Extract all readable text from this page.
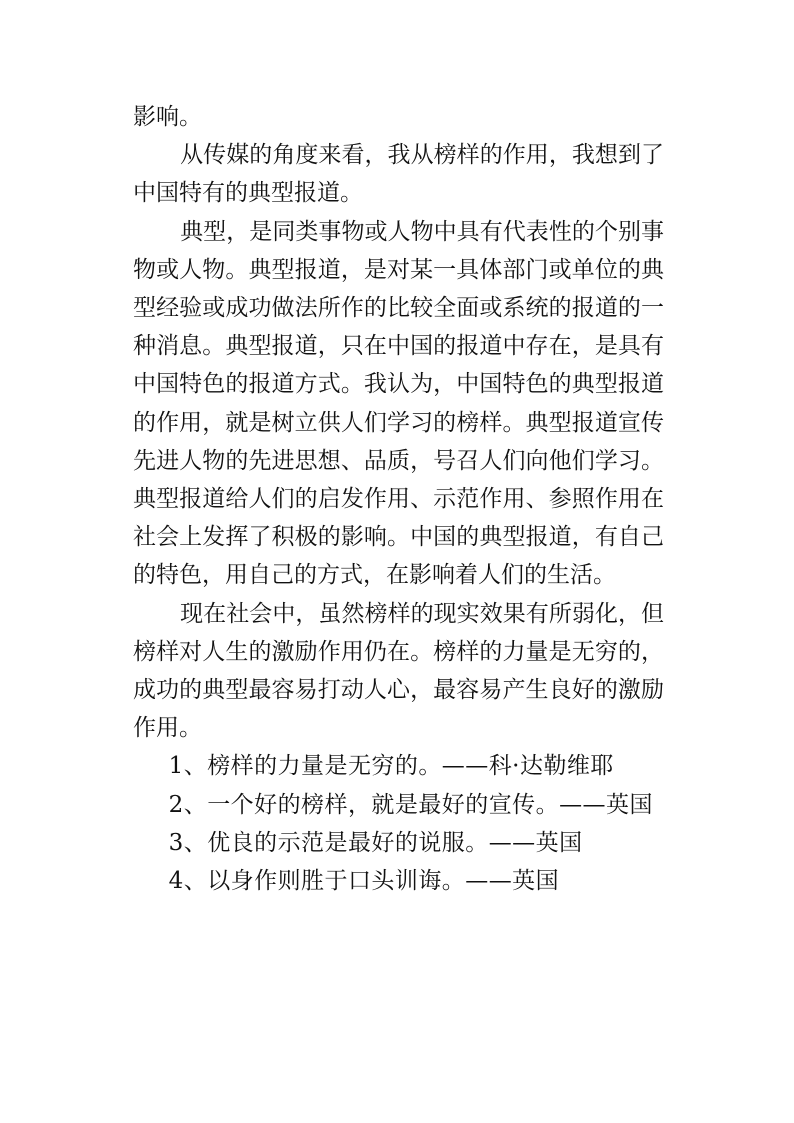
影响。

从传媒的角度来看，我从榜样的作用，我想到了中国特有的典型报道。

典型，是同类事物或人物中具有代表性的个别事物或人物。典型报道，是对某一具体部门或单位的典型经验或成功做法所作的比较全面或系统的报道的一种消息。典型报道，只在中国的报道中存在，是具有中国特色的报道方式。我认为，中国特色的典型报道的作用，就是树立供人们学习的榜样。典型报道宣传先进人物的先进思想、品质，号召人们向他们学习。典型报道给人们的启发作用、示范作用、参照作用在社会上发挥了积极的影响。中国的典型报道，有自己的特色，用自己的方式，在影响着人们的生活。

现在社会中，虽然榜样的现实效果有所弱化，但榜样对人生的激励作用仍在。榜样的力量是无穷的，成功的典型最容易打动人心，最容易产生良好的激励作用。

1、榜样的力量是无穷的。——科·达勒维耶
2、一个好的榜样，就是最好的宣传。——英国
3、优良的示范是最好的说服。——英国
4、以身作则胜于口头训诲。——英国
